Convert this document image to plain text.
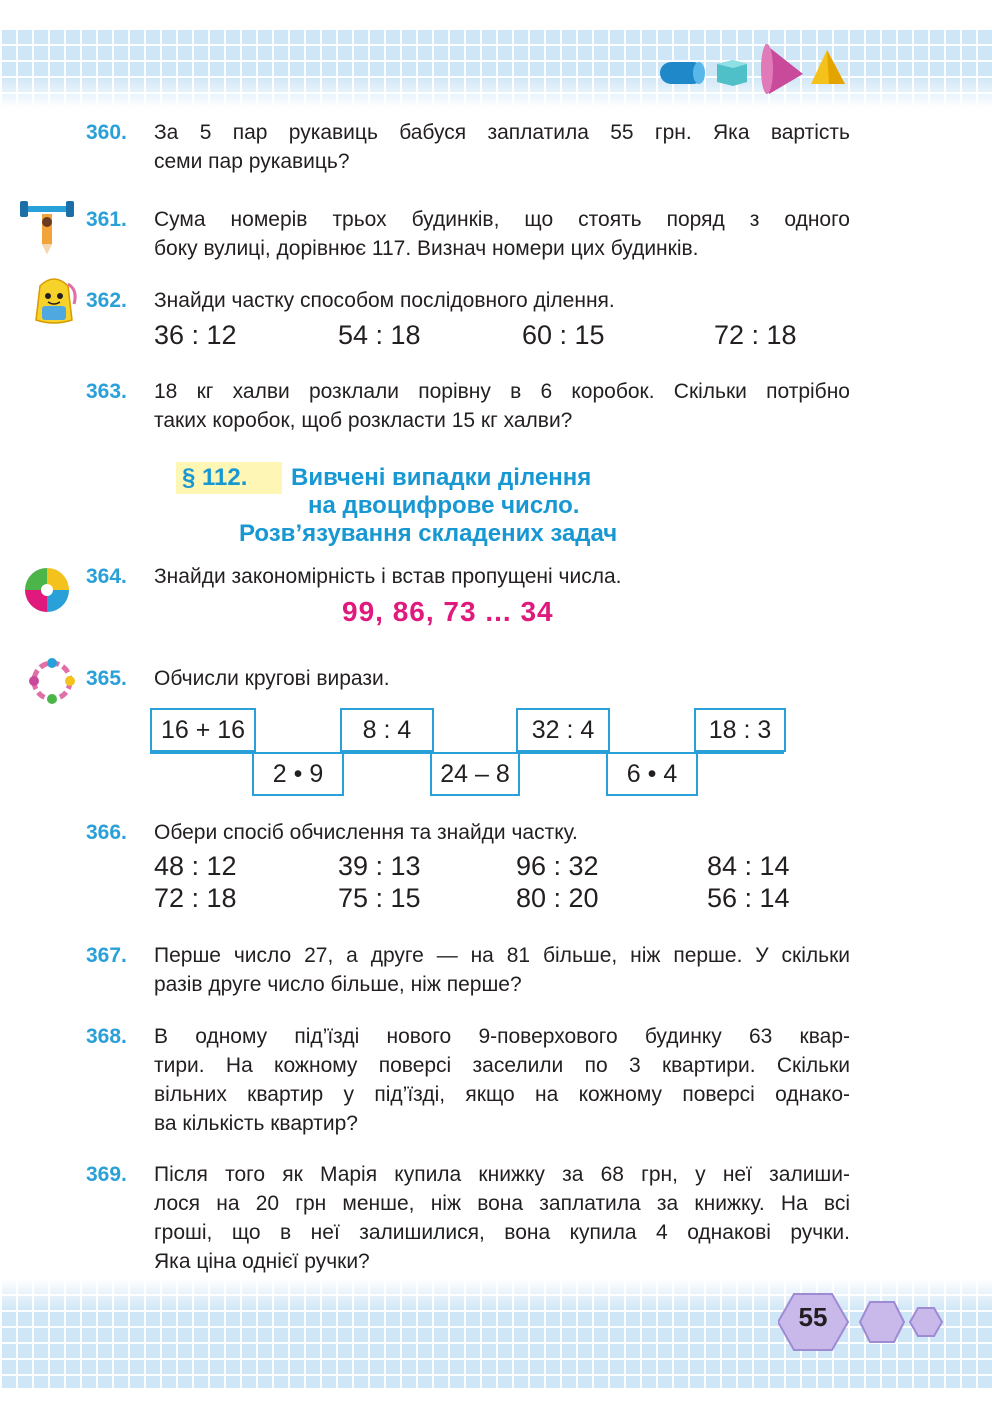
360.	За 5 пар рукавиць бабуся заплатила 55 грн. Яка вартість
семи пар рукавиць?
361.	Сума номерів трьох будинків, що стоять поряд з одного
боку вулиці, дорівнює 117. Визнач номери цих будинків.
362.	Знайди частку способом послідовного ділення.
36 : 12	54 : 18	60 : 15	72 : 18
363.	18 кг халви розклали порівну в 6 коробок. Скільки потрібно
таких коробок, щоб розкласти 15 кг халви?
§ 112.	Вивчені випадки ділення
на двоцифрове число.
Розв’язування складених задач
364.	Знайди закономірність і встав пропущені числа.
99, 86, 73 ... 34
365.	Обчисли кругові вирази.
16 + 16
2 • 9
8 : 4
24 – 8
32 : 4
6 • 4
18 : 3
366.	Обери спосіб обчислення та знайди частку.
48 : 12	39 : 13	96 : 32	84 : 14
72 : 18	75 : 15	80 : 20	56 : 14
367.	Перше число 27, а друге — на 81 більше, ніж перше. У скільки
разів друге число більше, ніж перше?
368.	В одному під’їзді нового 9-поверхового будинку 63 квар-
тири. На кожному поверсі заселили по 3 квартири. Скільки
вільних квартир у під’їзді, якщо на кожному поверсі однако-
ва кількість квартир?
369.	Після того як Марія купила книжку за 68 грн, у неї залиши-
лося на 20 грн менше, ніж вона заплатила за книжку. На всі
гроші, що в неї залишилися, вона купила 4 однакові ручки.
Яка ціна однієї ручки?
55
